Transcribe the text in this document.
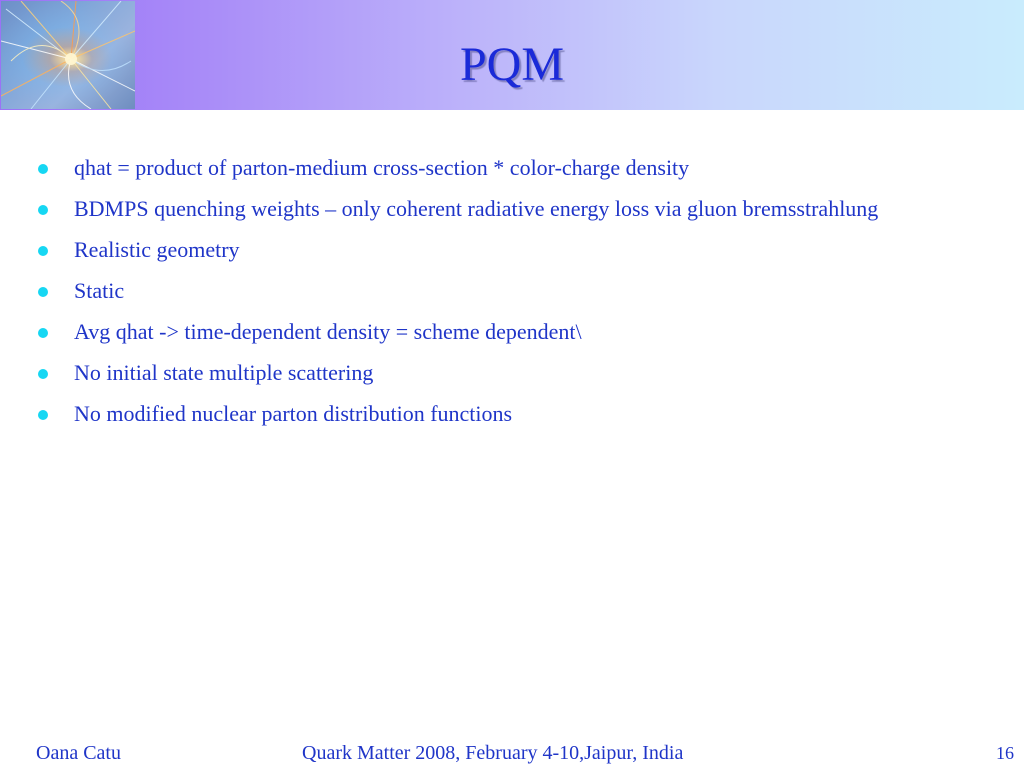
PQM
qhat = product of parton-medium cross-section * color-charge density
BDMPS quenching weights – only coherent radiative energy loss via gluon bremsstrahlung
Realistic geometry
Static
Avg qhat -> time-dependent density = scheme dependent\
No initial state multiple scattering
No modified nuclear parton distribution functions
Oana Catu	Quark Matter 2008, February 4-10,Jaipur, India	16
